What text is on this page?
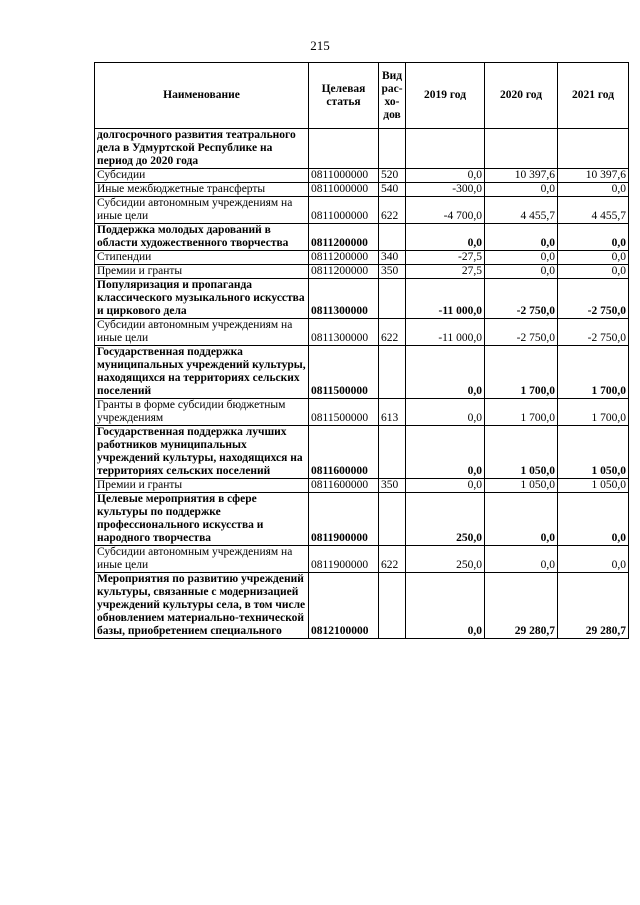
215
Наименование	Целевая статья	Вид рас-хо-дов	2019 год	2020 год	2021 год
долгосрочного развития театрального дела в Удмуртской Республике на период до 2020 года					
Субсидии	0811000000	520	0,0	10 397,6	10 397,6
Иные межбюджетные трансферты	0811000000	540	-300,0	0,0	0,0
Субсидии автономным учреждениям на иные цели	0811000000	622	-4 700,0	4 455,7	4 455,7
Поддержка молодых дарований в области художественного творчества	0811200000		0,0	0,0	0,0
Стипендии	0811200000	340	-27,5	0,0	0,0
Премии и гранты	0811200000	350	27,5	0,0	0,0
Популяризация и пропаганда классического музыкального искусства и циркового дела	0811300000		-11 000,0	-2 750,0	-2 750,0
Субсидии автономным учреждениям на иные цели	0811300000	622	-11 000,0	-2 750,0	-2 750,0
Государственная поддержка муниципальных учреждений культуры, находящихся на территориях сельских поселений	0811500000		0,0	1 700,0	1 700,0
Гранты в форме субсидии бюджетным учреждениям	0811500000	613	0,0	1 700,0	1 700,0
Государственная поддержка лучших работников муниципальных учреждений культуры, находящихся на территориях сельских поселений	0811600000		0,0	1 050,0	1 050,0
Премии и гранты	0811600000	350	0,0	1 050,0	1 050,0
Целевые мероприятия в сфере культуры по поддержке профессионального искусства и народного творчества	0811900000		250,0	0,0	0,0
Субсидии автономным учреждениям на иные цели	0811900000	622	250,0	0,0	0,0
Мероприятия по развитию учреждений культуры, связанные с модернизацией учреждений культуры села, в том числе обновлением материально-технической базы, приобретением специального	0812100000		0,0	29 280,7	29 280,7
